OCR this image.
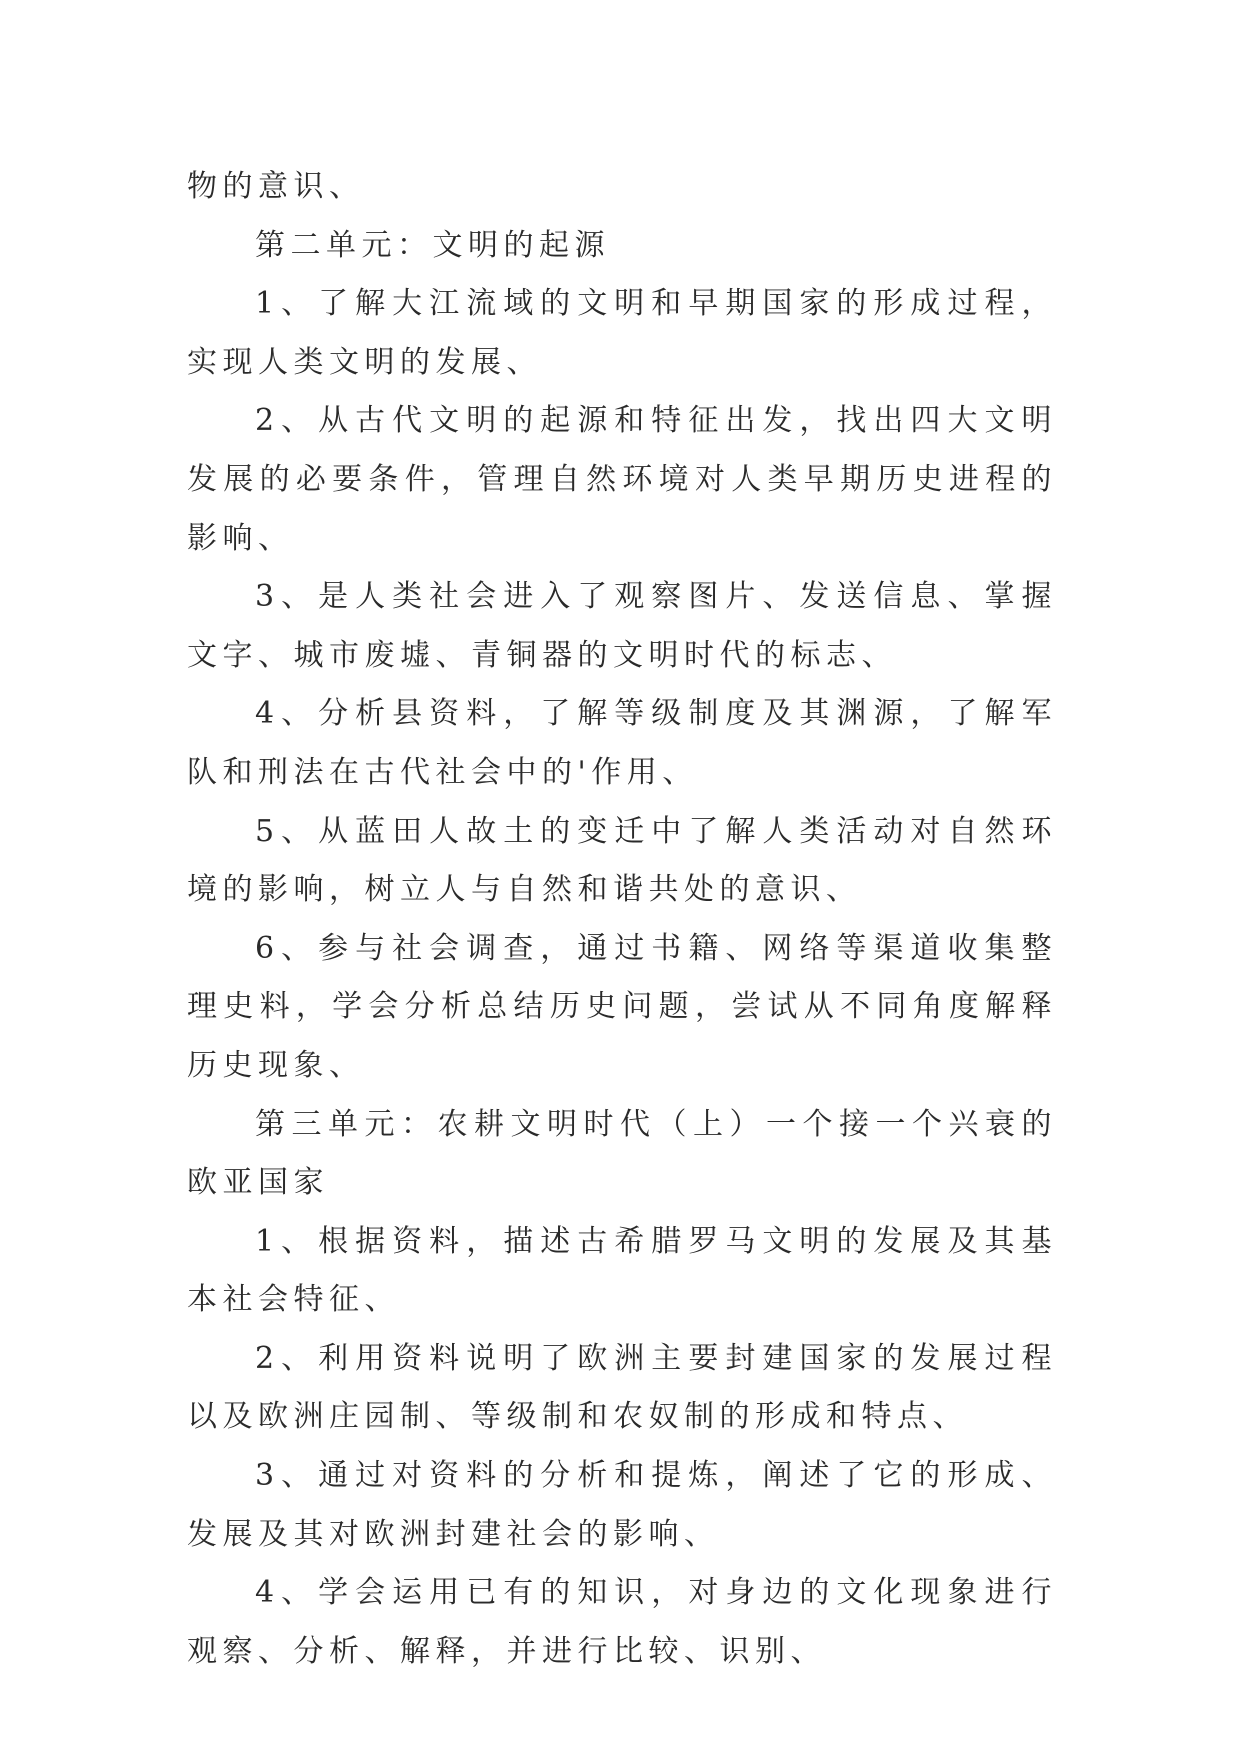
物的意识、

第二单元：文明的起源

1、了解大江流域的文明和早期国家的形成过程，实现人类文明的发展、

2、从古代文明的起源和特征出发，找出四大文明发展的必要条件，管理自然环境对人类早期历史进程的影响、

3、是人类社会进入了观察图片、发送信息、掌握文字、城市废墟、青铜器的文明时代的标志、

4、分析县资料，了解等级制度及其渊源，了解军队和刑法在古代社会中的'作用、

5、从蓝田人故土的变迁中了解人类活动对自然环境的影响，树立人与自然和谐共处的意识、

6、参与社会调查，通过书籍、网络等渠道收集整理史料，学会分析总结历史问题，尝试从不同角度解释历史现象、

第三单元：农耕文明时代（上）一个接一个兴衰的欧亚国家

1、根据资料，描述古希腊罗马文明的发展及其基本社会特征、

2、利用资料说明了欧洲主要封建国家的发展过程以及欧洲庄园制、等级制和农奴制的形成和特点、

3、通过对资料的分析和提炼，阐述了它的形成、发展及其对欧洲封建社会的影响、

4、学会运用已有的知识，对身边的文化现象进行观察、分析、解释，并进行比较、识别、
